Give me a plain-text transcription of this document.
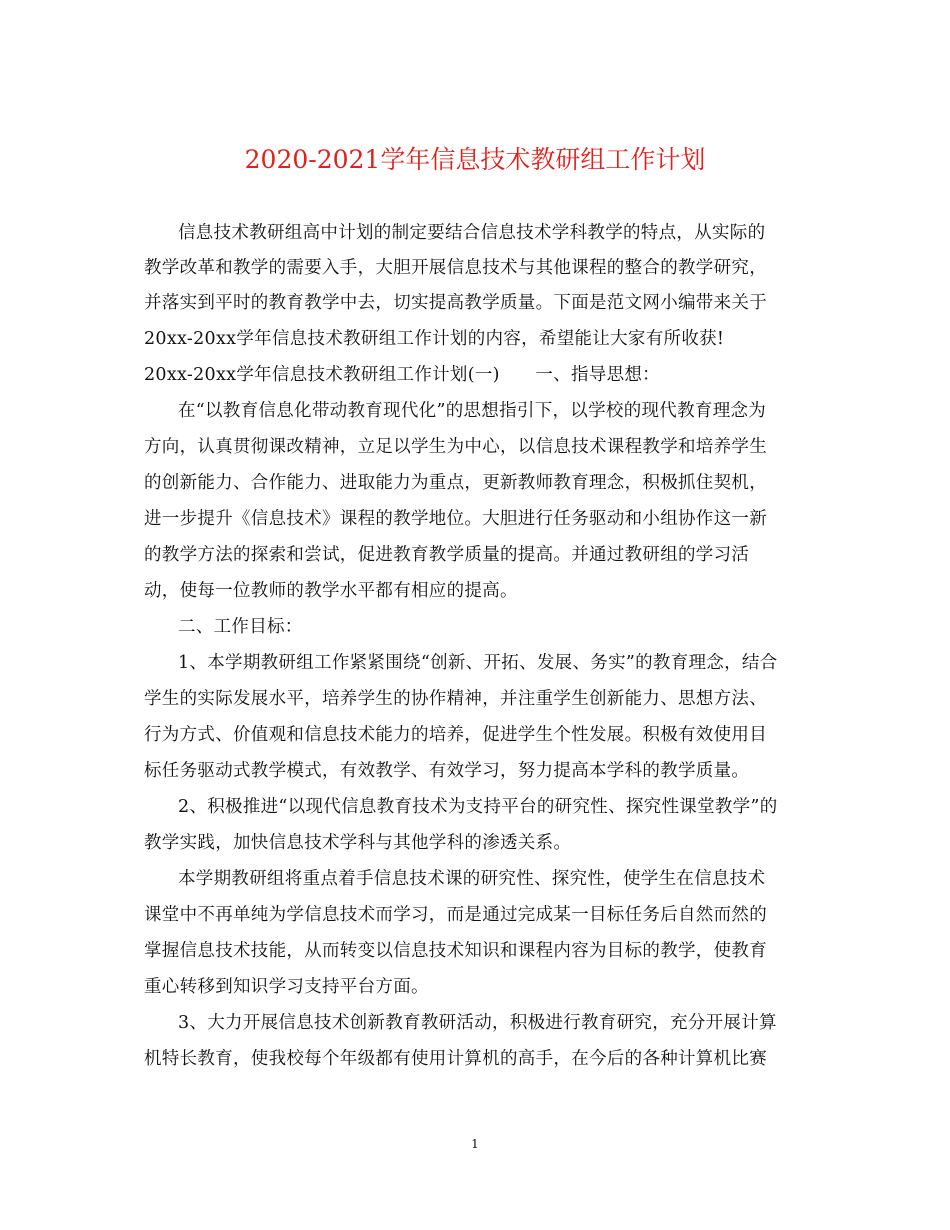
2020-2021学年信息技术教研组工作计划
信息技术教研组高中计划的制定要结合信息技术学科教学的特点，从实际的
教学改革和教学的需要入手，大胆开展信息技术与其他课程的整合的教学研究，
并落实到平时的教育教学中去，切实提高教学质量。下面是范文网小编带来关于
20xx-20xx学年信息技术教研组工作计划的内容，希望能让大家有所收获!
20xx-20xx学年信息技术教研组工作计划(一)　　一、指导思想：
在“以教育信息化带动教育现代化”的思想指引下，以学校的现代教育理念为
方向，认真贯彻课改精神，立足以学生为中心，以信息技术课程教学和培养学生
的创新能力、合作能力、进取能力为重点，更新教师教育理念，积极抓住契机，
进一步提升《信息技术》课程的教学地位。大胆进行任务驱动和小组协作这一新
的教学方法的探索和尝试，促进教育教学质量的提高。并通过教研组的学习活
动，使每一位教师的教学水平都有相应的提高。
二、工作目标：
1、本学期教研组工作紧紧围绕“创新、开拓、发展、务实”的教育理念，结合
学生的实际发展水平，培养学生的协作精神，并注重学生创新能力、思想方法、
行为方式、价值观和信息技术能力的培养，促进学生个性发展。积极有效使用目
标任务驱动式教学模式，有效教学、有效学习，努力提高本学科的教学质量。
2、积极推进“以现代信息教育技术为支持平台的研究性、探究性课堂教学”的
教学实践，加快信息技术学科与其他学科的渗透关系。
本学期教研组将重点着手信息技术课的研究性、探究性，使学生在信息技术
课堂中不再单纯为学信息技术而学习，而是通过完成某一目标任务后自然而然的
掌握信息技术技能，从而转变以信息技术知识和课程内容为目标的教学，使教育
重心转移到知识学习支持平台方面。
3、大力开展信息技术创新教育教研活动，积极进行教育研究，充分开展计算
机特长教育，使我校每个年级都有使用计算机的高手，在今后的各种计算机比赛
1
